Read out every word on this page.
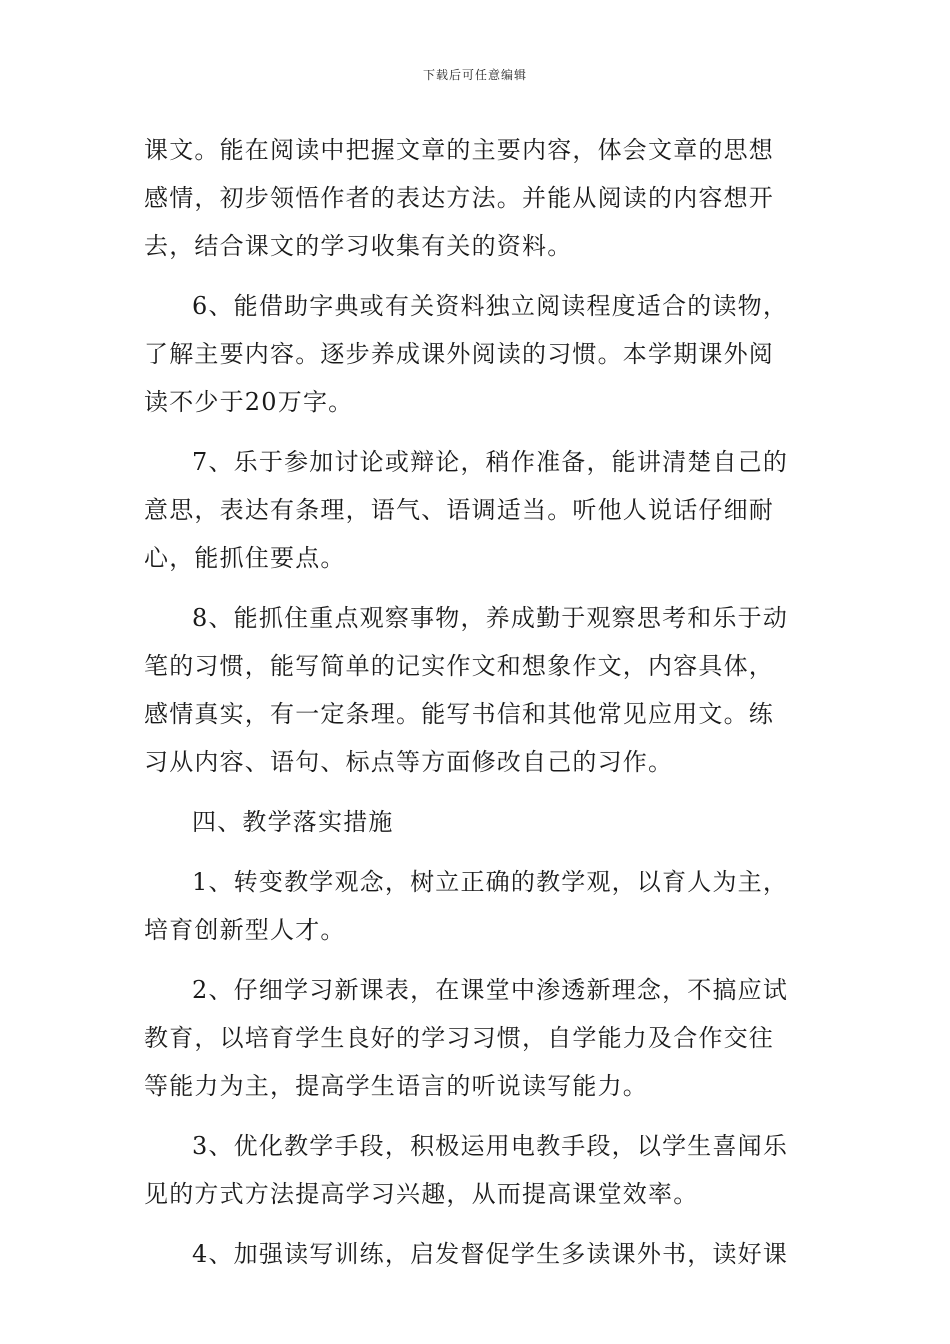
下载后可任意编辑
课文。能在阅读中把握文章的主要内容，体会文章的思想
感情，初步领悟作者的表达方法。并能从阅读的内容想开
去，结合课文的学习收集有关的资料。
6、能借助字典或有关资料独立阅读程度适合的读物，
了解主要内容。逐步养成课外阅读的习惯。本学期课外阅
读不少于20万字。
7、乐于参加讨论或辩论，稍作准备，能讲清楚自己的
意思，表达有条理，语气、语调适当。听他人说话仔细耐
心，能抓住要点。
8、能抓住重点观察事物，养成勤于观察思考和乐于动
笔的习惯，能写简单的记实作文和想象作文，内容具体，
感情真实，有一定条理。能写书信和其他常见应用文。练
习从内容、语句、标点等方面修改自己的习作。
四、教学落实措施
1、转变教学观念，树立正确的教学观，以育人为主，
培育创新型人才。
2、仔细学习新课表，在课堂中渗透新理念，不搞应试
教育，以培育学生良好的学习习惯，自学能力及合作交往
等能力为主，提高学生语言的听说读写能力。
3、优化教学手段，积极运用电教手段，以学生喜闻乐
见的方式方法提高学习兴趣，从而提高课堂效率。
4、加强读写训练，启发督促学生多读课外书，读好课
